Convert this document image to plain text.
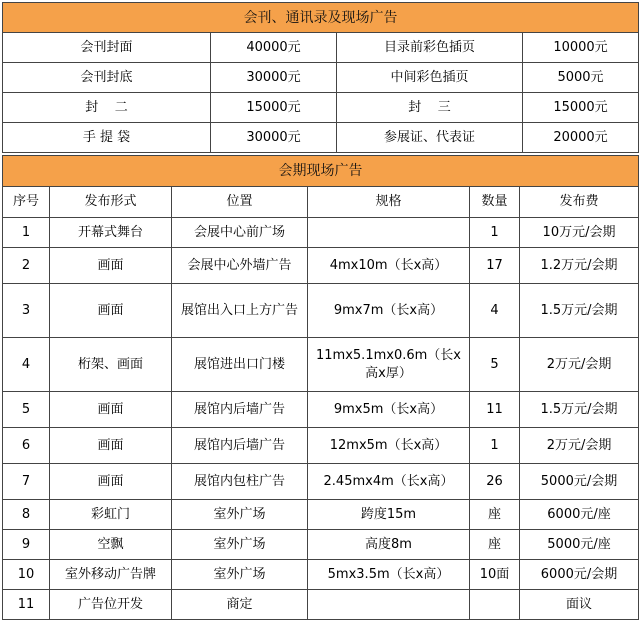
会刊、通讯录及现场广告			
会刊封面	40000元	目录前彩色插页	10000元
会刊封底	30000元	中间彩色插页	5000元
封    二	15000元	封    三	15000元
手 提 袋	30000元	参展证、代表证	20000元
会期现场广告					
序号	发布形式	位置	规格	数量	发布费
1	开幕式舞台	会展中心前广场		1	10万元/会期
2	画面	会展中心外墙广告	4mx10m（长x高）	17	1.2万元/会期
3	画面	展馆出入口上方广告	9mx7m（长x高）	4	1.5万元/会期
4	桁架、画面	展馆进出口门楼	11mx5.1mx0.6m（长x高x厚）	5	2万元/会期
5	画面	展馆内后墙广告	9mx5m（长x高）	11	1.5万元/会期
6	画面	展馆内后墙广告	12mx5m（长x高）	1	2万元/会期
7	画面	展馆内包柱广告	2.45mx4m（长x高）	26	5000元/会期
8	彩虹门	室外广场	跨度15m	座	6000元/座
9	空飘	室外广场	高度8m	座	5000元/座
10	室外移动广告牌	室外广场	5mx3.5m（长x高）	10面	6000元/会期
11	广告位开发	商定			面议
